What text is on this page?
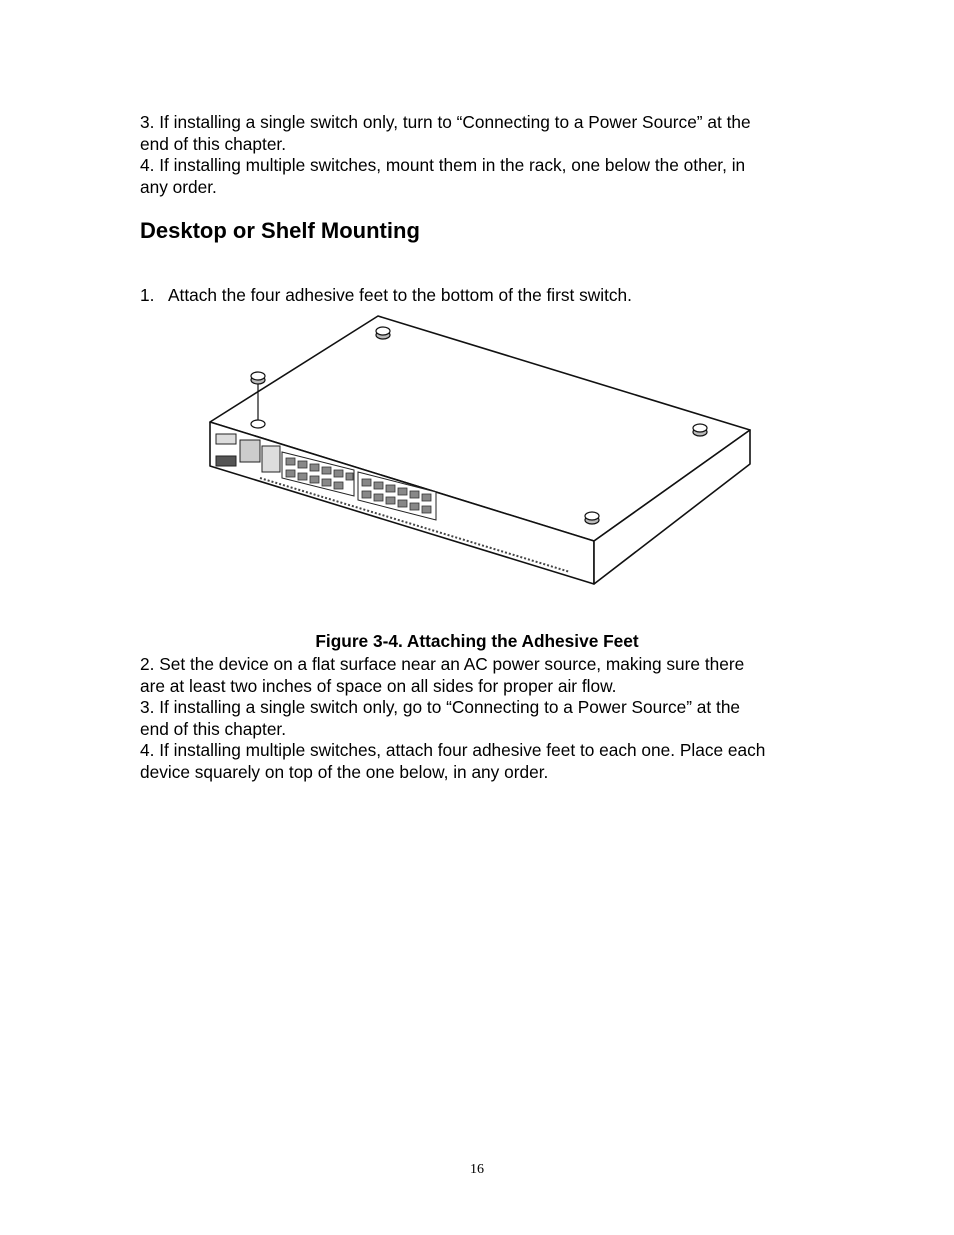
3. If installing a single switch only, turn to “Connecting to a Power Source” at the
end of this chapter.
4. If installing multiple switches, mount them in the rack, one below the other, in
any order.
Desktop or Shelf Mounting

1. Attach the four adhesive feet to the bottom of the first switch.

Figure 3-4. Attaching the Adhesive Feet

2. Set the device on a flat surface near an AC power source, making sure there
are at least two inches of space on all sides for proper air flow.
3. If installing a single switch only, go to “Connecting to a Power Source” at the
end of this chapter.
4. If installing multiple switches, attach four adhesive feet to each one. Place each
device squarely on top of the one below, in any order.

16
